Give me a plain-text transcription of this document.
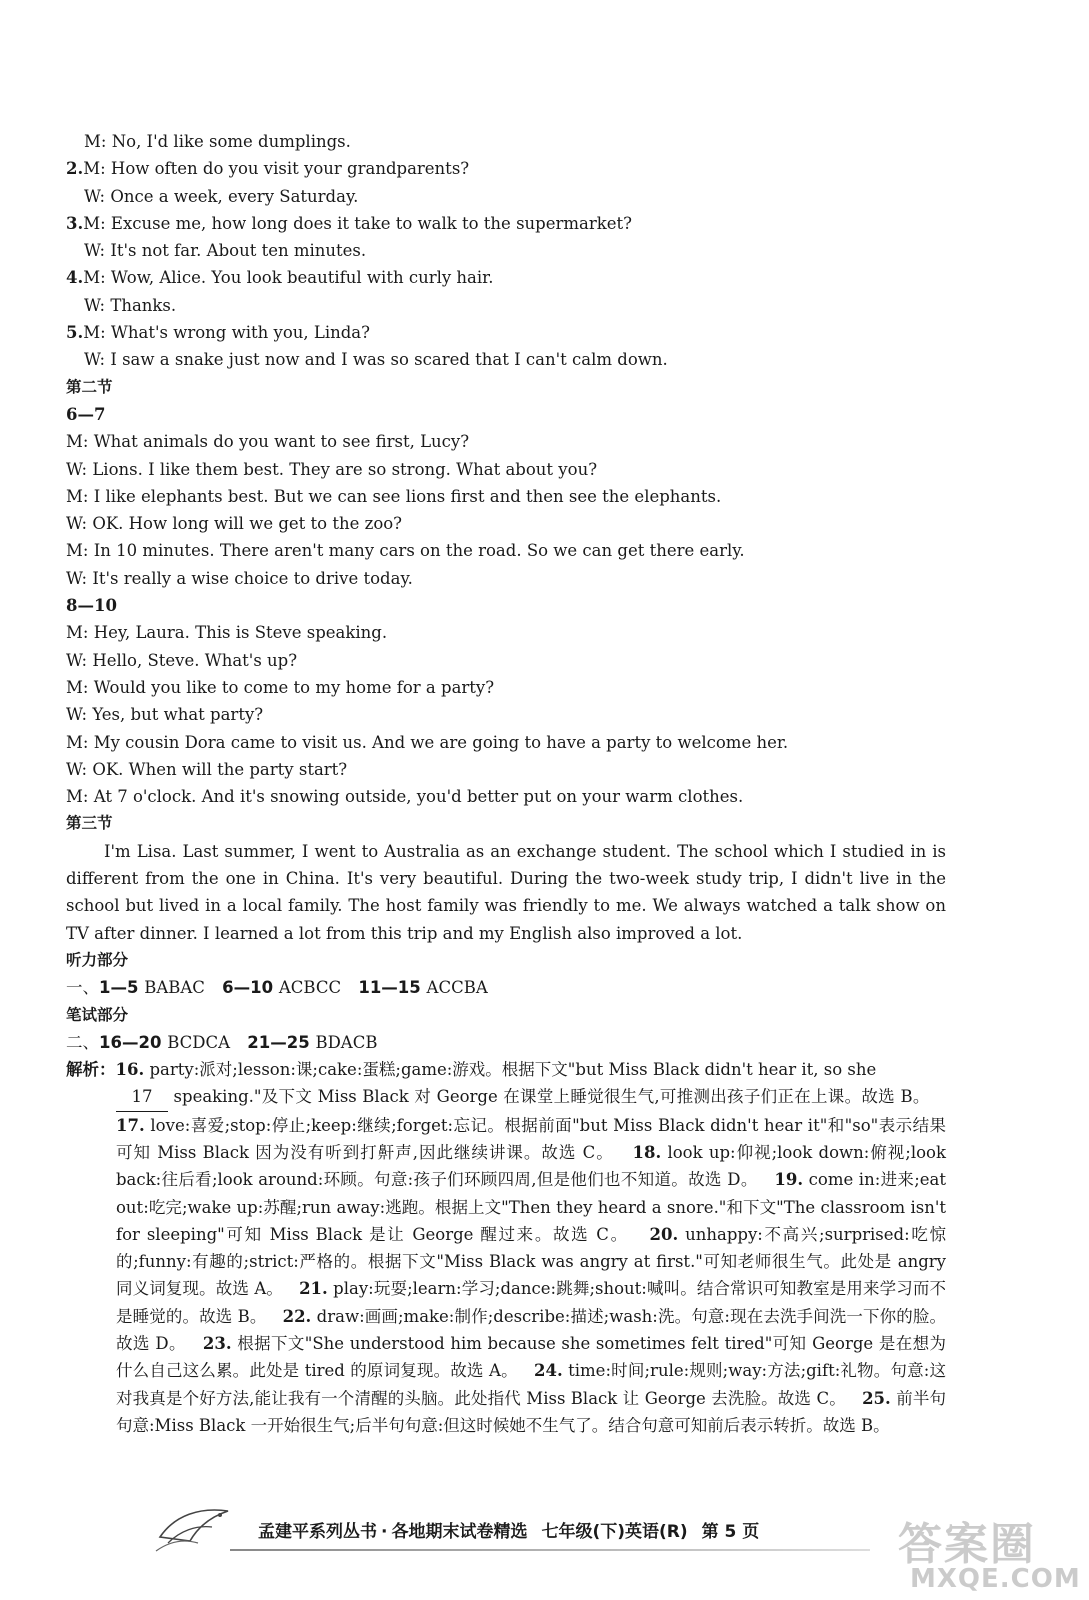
M: No, I'd like some dumplings.
2.M: How often do you visit your grandparents?
W: Once a week, every Saturday.
3.M: Excuse me, how long does it take to walk to the supermarket?
W: It's not far. About ten minutes.
4.M: Wow, Alice. You look beautiful with curly hair.
W: Thanks.
5.M: What's wrong with you, Linda?
W: I saw a snake just now and I was so scared that I can't calm down.
第二节
6—7
M: What animals do you want to see first, Lucy?
W: Lions. I like them best. They are so strong. What about you?
M: I like elephants best. But we can see lions first and then see the elephants.
W: OK. How long will we get to the zoo?
M: In 10 minutes. There aren't many cars on the road. So we can get there early.
W: It's really a wise choice to drive today.
8—10
M: Hey, Laura. This is Steve speaking.
W: Hello, Steve. What's up?
M: Would you like to come to my home for a party?
W: Yes, but what party?
M: My cousin Dora came to visit us. And we are going to have a party to welcome her.
W: OK. When will the party start?
M: At 7 o'clock. And it's snowing outside, you'd better put on your warm clothes.
第三节
I'm Lisa. Last summer, I went to Australia as an exchange student. The school which I studied in is different from the one in China. It's very beautiful. During the two-week study trip, I didn't live in the school but lived in a local family. The host family was friendly to me. We always watched a talk show on TV after dinner. I learned a lot from this trip and my English also improved a lot.
听力部分
一、1—5 BABAC 6—10 ACBCC 11—15 ACCBA
笔试部分
二、16—20 BCDCA 21—25 BDACB
解析：16. party:派对;lesson:课;cake:蛋糕;game:游戏。根据下文"but Miss Black didn't hear it, so she
17 speaking."及下文 Miss Black 对 George 在课堂上睡觉很生气,可推测出孩子们正在上课。故选 B。    17. love:喜爱;stop:停止;keep:继续;forget:忘记。根据前面"but Miss Black didn't hear it"和"so"表示结果可知 Miss Black 因为没有听到打鼾声,因此继续讲课。故选 C。 18. look up:仰视;look down:俯视;look back:往后看;look around:环顾。句意:孩子们环顾四周,但是他们也不知道。故选 D。 19. come in:进来;eat out:吃完;wake up:苏醒;run away:逃跑。根据上文"Then they heard a snore."和下文"The classroom isn't for sleeping"可知 Miss Black 是让 George 醒过来。故选 C。 20. unhappy:不高兴;surprised:吃惊的;funny:有趣的;strict:严格的。根据下文"Miss Black was angry at first."可知老师很生气。此处是 angry 同义词复现。故选 A。 21. play:玩耍;learn:学习;dance:跳舞;shout:喊叫。结合常识可知教室是用来学习而不是睡觉的。故选 B。 22. draw:画画;make:制作;describe:描述;wash:洗。句意:现在去洗手间洗一下你的脸。故选 D。 23. 根据下文"She understood him because she sometimes felt tired"可知 George 是在想为什么自己这么累。此处是 tired 的原词复现。故选 A。 24. time:时间;rule:规则;way:方法;gift:礼物。句意:这对我真是个好方法,能让我有一个清醒的头脑。此处指代 Miss Black 让 George 去洗脸。故选 C。 25. 前半句句意:Miss Black 一开始很生气;后半句句意:但这时候她不生气了。结合句意可知前后表示转折。故选 B。
孟建平系列丛书 · 各地期末试卷精选 七年级(下)英语(R) 第 5 页	答案圈
MXQE.COM
